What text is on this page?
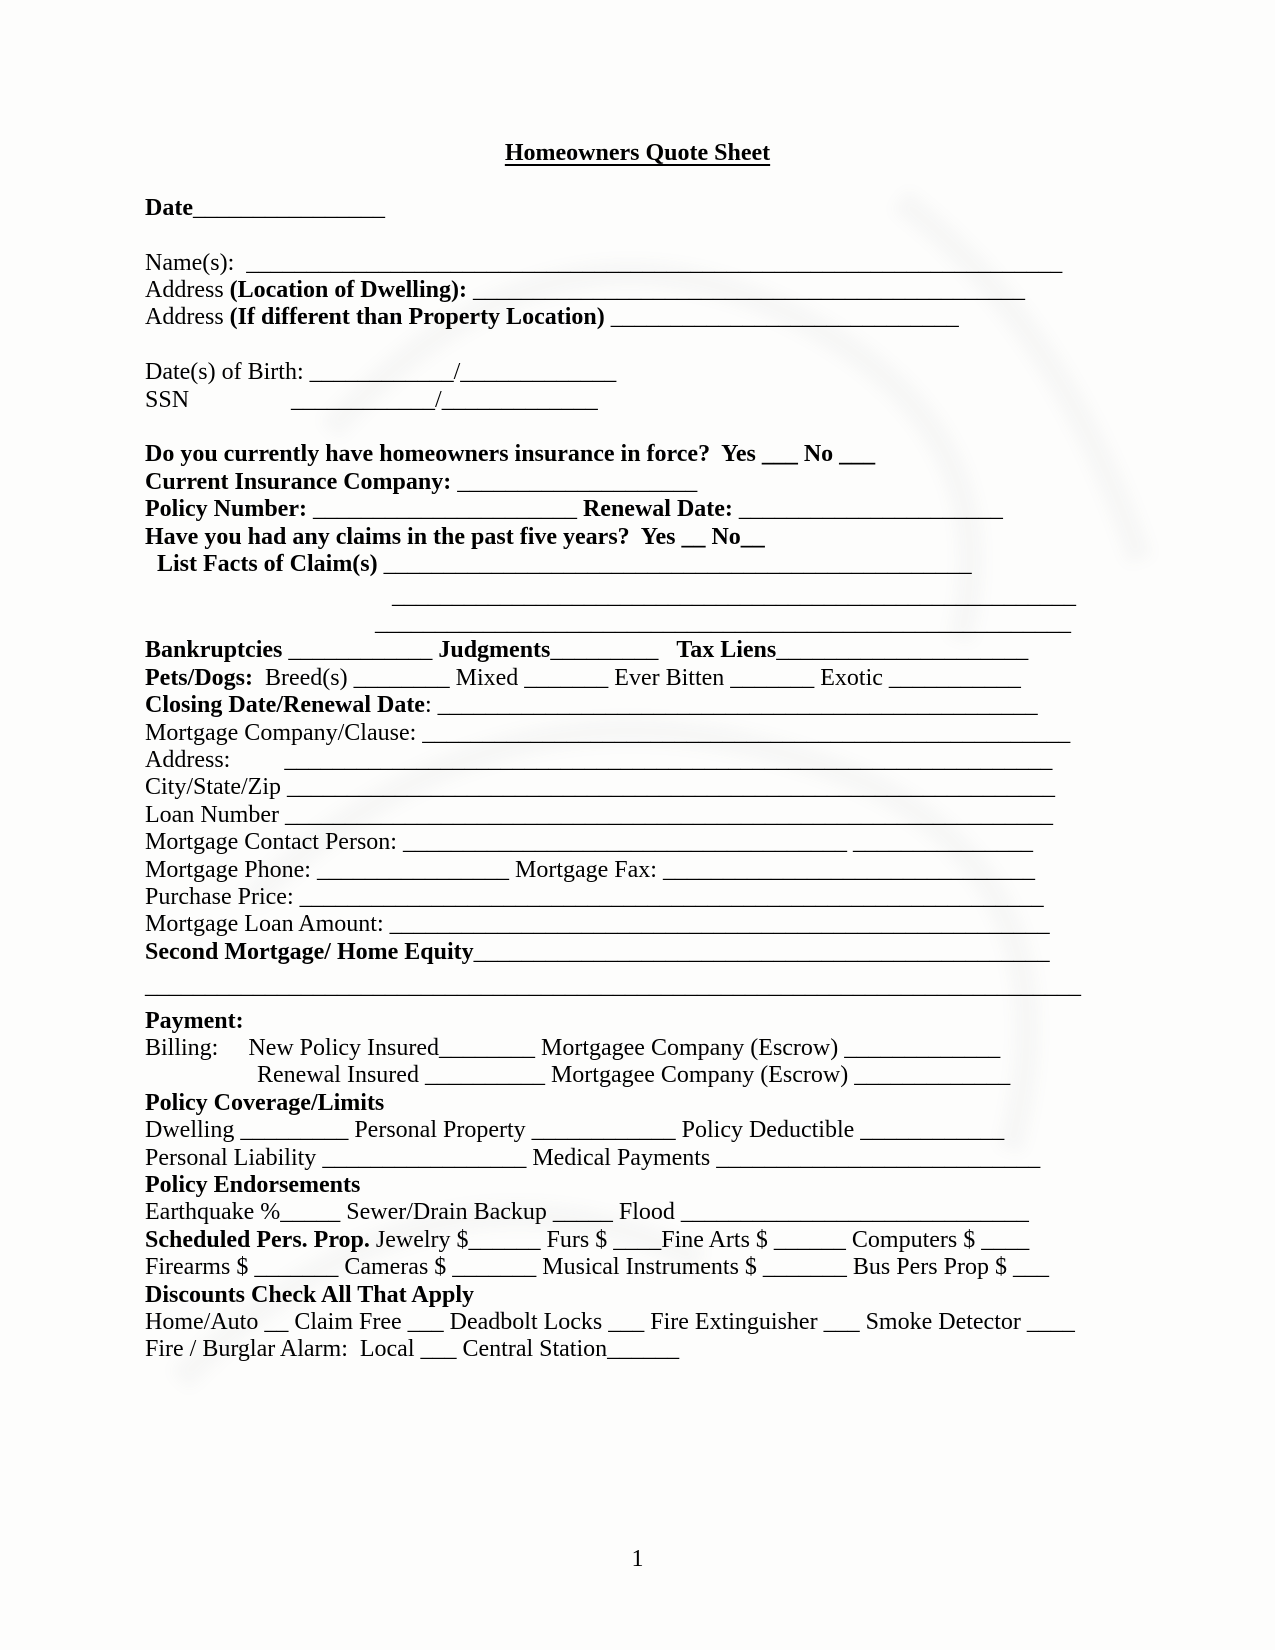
Homeowners Quote Sheet

Date________________

Name(s):  ____________________________________________________________________
Address (Location of Dwelling): ______________________________________________
Address (If different than Property Location) _____________________________

Date(s) of Birth: ____________/_____________
SSN	____________/_____________

Do you currently have homeowners insurance in force?  Yes ___ No ___
Current Insurance Company: ____________________
Policy Number: ______________________ Renewal Date: ______________________
Have you had any claims in the past five years?  Yes __ No__
List Facts of Claim(s) _________________________________________________
_________________________________________________________
__________________________________________________________
Bankruptcies ____________ Judgments_________ Tax Liens_____________________
Pets/Dogs:  Breed(s) ________ Mixed _______ Ever Bitten _______ Exotic ___________
Closing Date/Renewal Date: __________________________________________________
Mortgage Company/Clause: ______________________________________________________
Address: ________________________________________________________________
City/State/Zip ________________________________________________________________
Loan Number ________________________________________________________________
Mortgage Contact Person: _____________________________________ _______________
Mortgage Phone: ________________ Mortgage Fax: _______________________________
Purchase Price: ______________________________________________________________
Mortgage Loan Amount: _______________________________________________________
Second Mortgage/ Home Equity________________________________________________
______________________________________________________________________________
Payment:
Billing: New Policy Insured________ Mortgagee Company (Escrow) _____________
Renewal Insured __________ Mortgagee Company (Escrow) _____________
Policy Coverage/Limits
Dwelling _________ Personal Property ____________ Policy Deductible ____________
Personal Liability _________________ Medical Payments ___________________________
Policy Endorsements
Earthquake %_____ Sewer/Drain Backup _____ Flood _____________________________
Scheduled Pers. Prop. Jewelry $______ Furs $ ____Fine Arts $ ______ Computers $ ____
Firearms $ _______ Cameras $ _______ Musical Instruments $ _______ Bus Pers Prop $ ___
Discounts Check All That Apply
Home/Auto __ Claim Free ___ Deadbolt Locks ___ Fire Extinguisher ___ Smoke Detector ____
Fire / Burglar Alarm:  Local ___ Central Station______
1
